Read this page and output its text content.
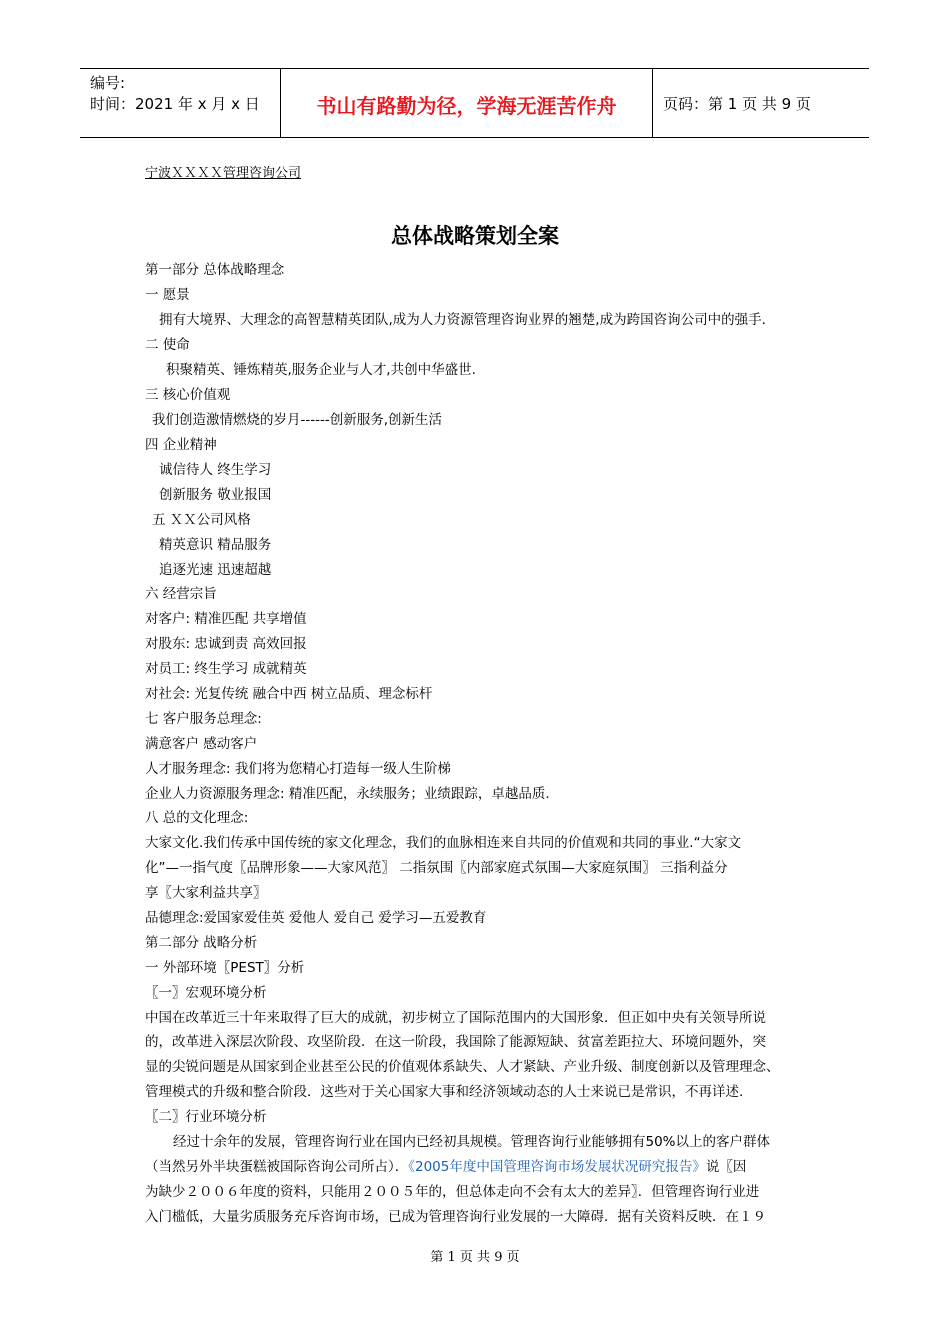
编号:
时间：2021 年 x 月 x 日	书山有路勤为径，学海无涯苦作舟	页码：第 1 页 共 9 页
宁波ＸＸＸＸ管理咨询公司
总体战略策划全案
第一部分 总体战略理念
一 愿景
拥有大境界、大理念的高智慧精英团队,成为人力资源管理咨询业界的翘楚,成为跨国咨询公司中的强手.
二 使命
积聚精英、锤炼精英,服务企业与人才,共创中华盛世.
三 核心价值观
我们创造激情燃烧的岁月------创新服务,创新生活
四 企业精神
诚信待人 终生学习
创新服务 敬业报国
五 ＸＸ公司风格
精英意识 精品服务
追逐光速 迅速超越
六 经营宗旨
对客户: 精准匹配 共享增值
对股东: 忠诚到责 高效回报
对员工: 终生学习 成就精英
对社会: 光复传统 融合中西 树立品质、理念标杆
七 客户服务总理念:
满意客户 感动客户
人才服务理念: 我们将为您精心打造每一级人生阶梯
企业人力资源服务理念: 精准匹配，永续服务；业绩跟踪，卓越品质.
八 总的文化理念:
大家文化.我们传承中国传统的家文化理念，我们的血脉相连来自共同的价值观和共同的事业.“大家文
化”—一指气度〖品牌形象——大家风范〗 二指氛围〖内部家庭式氛围—大家庭氛围〗 三指利益分
享〖大家利益共享〗
品德理念:爱国家爱佳英 爱他人 爱自己 爱学习—五爱教育
第二部分 战略分析
一 外部环境〖PEST〗分析
〖一〗宏观环境分析
中国在改革近三十年来取得了巨大的成就，初步树立了国际范围内的大国形象．但正如中央有关领导所说
的，改革进入深层次阶段、攻坚阶段．在这一阶段，我国除了能源短缺、贫富差距拉大、环境问题外，突
显的尖锐问题是从国家到企业甚至公民的价值观体系缺失、人才紧缺、产业升级、制度创新以及管理理念、
管理模式的升级和整合阶段．这些对于关心国家大事和经济领域动态的人士来说已是常识，不再详述.
〖二〗行业环境分析
经过十余年的发展，管理咨询行业在国内已经初具规模。管理咨询行业能够拥有50%以上的客户群体
（当然另外半块蛋糕被国际咨询公司所占）．《2005年度中国管理咨询市场发展状况研究报告》说〖因
为缺少２００６年度的资料，只能用２００５年的，但总体走向不会有太大的差异〗．但管理咨询行业进
入门槛低，大量劣质服务充斥咨询市场，已成为管理咨询行业发展的一大障碍．据有关资料反映．在１９
第 1 页 共 9 页
